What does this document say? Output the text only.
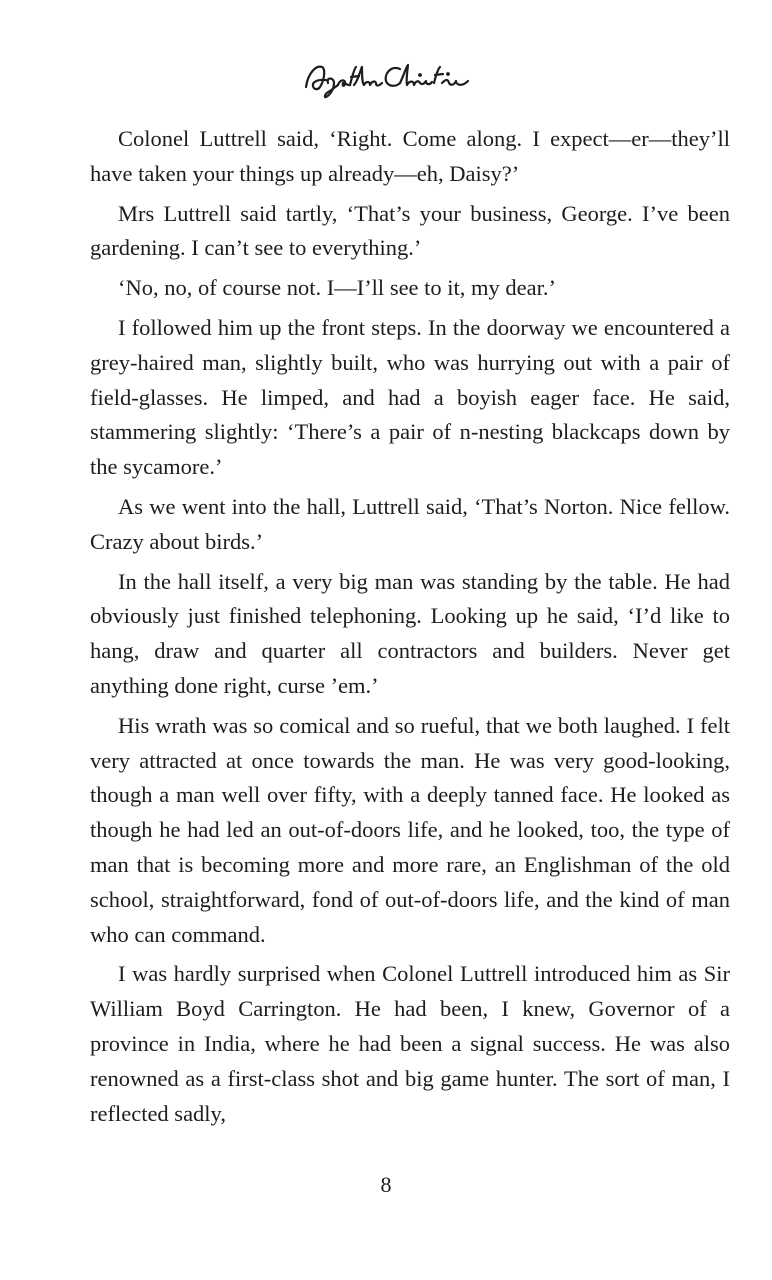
Colonel Luttrell said, ‘Right. Come along. I expect—er—they’ll have taken your things up already—eh, Daisy?’

Mrs Luttrell said tartly, ‘That’s your business, George. I’ve been gardening. I can’t see to everything.’

‘No, no, of course not. I—I’ll see to it, my dear.’

I followed him up the front steps. In the doorway we encountered a grey-haired man, slightly built, who was hurrying out with a pair of field-glasses. He limped, and had a boyish eager face. He said, stammering slightly: ‘There’s a pair of n-nesting blackcaps down by the sycamore.’

As we went into the hall, Luttrell said, ‘That’s Norton. Nice fellow. Crazy about birds.’

In the hall itself, a very big man was standing by the table. He had obviously just finished telephoning. Looking up he said, ‘I’d like to hang, draw and quarter all contractors and builders. Never get anything done right, curse ’em.’

His wrath was so comical and so rueful, that we both laughed. I felt very attracted at once towards the man. He was very good-looking, though a man well over fifty, with a deeply tanned face. He looked as though he had led an out-of-doors life, and he looked, too, the type of man that is becoming more and more rare, an Englishman of the old school, straightforward, fond of out-of-doors life, and the kind of man who can command.

I was hardly surprised when Colonel Luttrell introduced him as Sir William Boyd Carrington. He had been, I knew, Governor of a province in India, where he had been a signal success. He was also renowned as a first-class shot and big game hunter. The sort of man, I reflected sadly,

8
